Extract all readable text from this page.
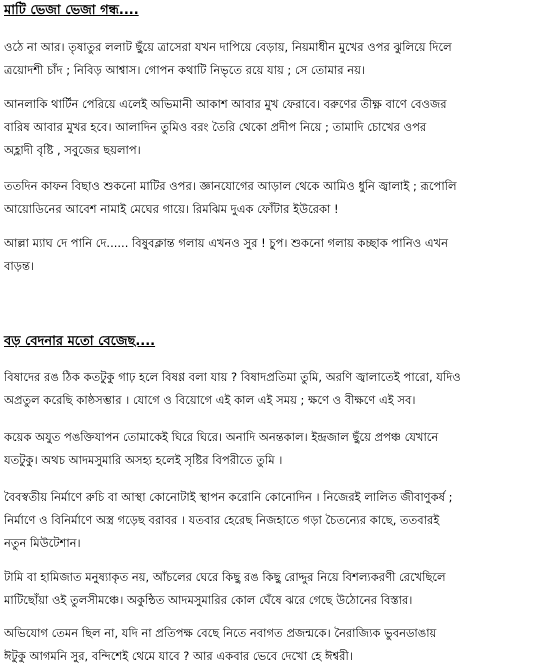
মাটি ভেজা ভেজা গন্ধ....
ওঠে না আর। তৃষাতুর ললাট ছুঁয়ে ত্রাসেরা যখন দাপিয়ে বেড়ায়, নিয়মাধীন মুখের ওপর ঝুলিয়ে দিলে
ত্রয়োদশী চাঁদ ; নিবিড় আশ্বাস। গোপন কথাটি নিভৃতে রয়ে যায় ; সে তোমার নয়।
আনলাকি থার্টিন পেরিয়ে এলেই অভিমানী আকাশ আবার মুখ ফেরাবে। বরুণের তীক্ষ্ণ বাণে বেওজর
বারিষ আবার মুখর হবে। আলাদিন তুমিও বরং তৈরি থেকো প্রদীপ নিয়ে ; তামাদি চোখের ওপর
অহ্লাদী বৃষ্টি , সবুজের ছয়লাপ।
ততদিন কাফন বিছাও শুকনো মাটির ওপর। জ্ঞানযোগের আড়াল থেকে আমিও ধুনি জ্বালাই ; রূপোলি
আয়োডিনের আবেশ নামাই মেঘের গায়ে। রিমঝিম দুএক ফোঁটার ইউরেকা !
আল্লা ম্যাঘ দে পানি দে...... বিষুবক্লান্ত গলায় এখনও সুর ! চুপ। শুকনো গলায় কচ্ছাক পানিও এখন
বাড়ন্ত।
বড় বেদনার মতো বেজেছ....
বিষাদের রঙ ঠিক কতটুকু গাঢ় হলে বিষণ্ণ বলা যায় ? বিষাদপ্রতিমা তুমি, অরণি জ্বালাতেই পারো, যদিও
অপ্রতুল করেছি কাষ্ঠসম্ভার । যোগে ও বিয়োগে এই কাল এই সময় ; ক্ষণে ও বীক্ষণে এই সব।
কয়েক অযুত পঙক্তিযাপন তোমাকেই ঘিরে ঘিরে। অনাদি অনন্তকাল। ইন্দ্রজাল ছুঁয়ে প্রপঞ্চ যেখানে
যতটুকু। অথচ আদমসুমারি অসহ্য হলেই সৃষ্টির বিপরীতে তুমি ।
বৈবস্বতীয় নির্মাণে রুচি বা আস্থা কোনোটাই স্থাপন করোনি কোনোদিন । নিজেরই লালিত জীবাণুকর্ষ ;
নির্মাণে ও বিনির্মাণে অস্ত্র গড়েছ বরাবর । যতবার হেরেছ নিজহাতে গড়া চৈতন্যের কাছে, ততবারই
নতুন মিউটেশান।
টামি বা হামিজাত মনুষ্যাকৃত নয়, আঁচলের ঘেরে কিছু রঙ কিছু রোদ্দুর নিয়ে বিশল্যকরণী রেখেছিলে
মাটিছোঁয়া ওই তুলসীমঞ্চে। অকুন্ঠিত আদমসুমারির কোল ঘেঁষে ঝরে গেছে উঠোনের বিস্তার।
অভিযোগ তেমন ছিল না, যদি না প্রতিপক্ষ বেছে নিতে নবাগত প্রজন্মকে। নৈরাজ্যিক ভুবনডাঙায়
ঈটুকু আগমনি সুর, বন্দিশেই থেমে যাবে ? আর একবার ভেবে দেখো হে ঈশ্বরী।
